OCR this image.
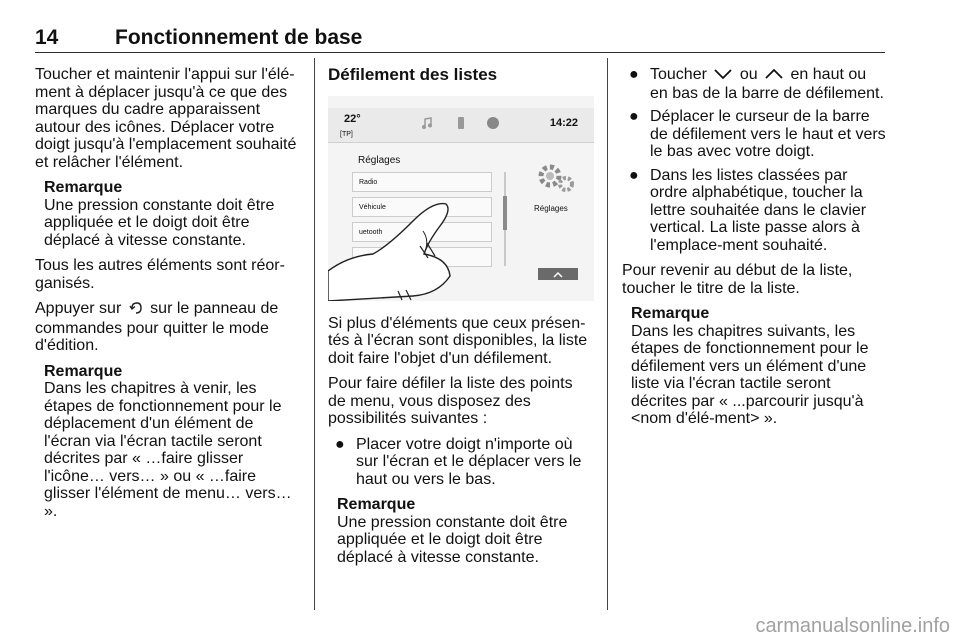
14	Fonctionnement de base

Toucher et maintenir l'appui sur l'élé-ment à déplacer jusqu'à ce que des marques du cadre apparaissent autour des icônes. Déplacer votre doigt jusqu'à l'emplacement souhaité et relâcher l'élément.

Remarque
Une pression constante doit être appliquée et le doigt doit être déplacé à vitesse constante.

Tous les autres éléments sont réor-ganisés.

Appuyer sur sur le panneau de commandes pour quitter le mode d'édition.

Remarque
Dans les chapitres à venir, les étapes de fonctionnement pour le déplacement d'un élément de l'écran via l'écran tactile seront décrites par « …faire glisser l'icône… vers… » ou « …faire glisser l'élément de menu… vers… ».

Défilement des listes
22°
[TP]
14:22
Réglages
Radio
Véhicule
uetooth
Réglages

Si plus d'éléments que ceux présen-tés à l'écran sont disponibles, la liste doit faire l'objet d'un défilement.

Pour faire défiler la liste des points de menu, vous disposez des possibilités suivantes :

● Placer votre doigt n'importe où sur l'écran et le déplacer vers le haut ou vers le bas.

Remarque
Une pression constante doit être appliquée et le doigt doit être déplacé à vitesse constante.

● Toucher ou en haut ou en bas de la barre de défilement.
● Déplacer le curseur de la barre de défilement vers le haut et vers le bas avec votre doigt.
● Dans les listes classées par ordre alphabétique, toucher la lettre souhaitée dans le clavier vertical. La liste passe alors à l'emplace-ment souhaité.

Pour revenir au début de la liste, toucher le titre de la liste.

Remarque
Dans les chapitres suivants, les étapes de fonctionnement pour le défilement vers un élément d'une liste via l'écran tactile seront décrites par « ...parcourir jusqu'à <nom d'élé-ment> ».

carmanualsonline.info
